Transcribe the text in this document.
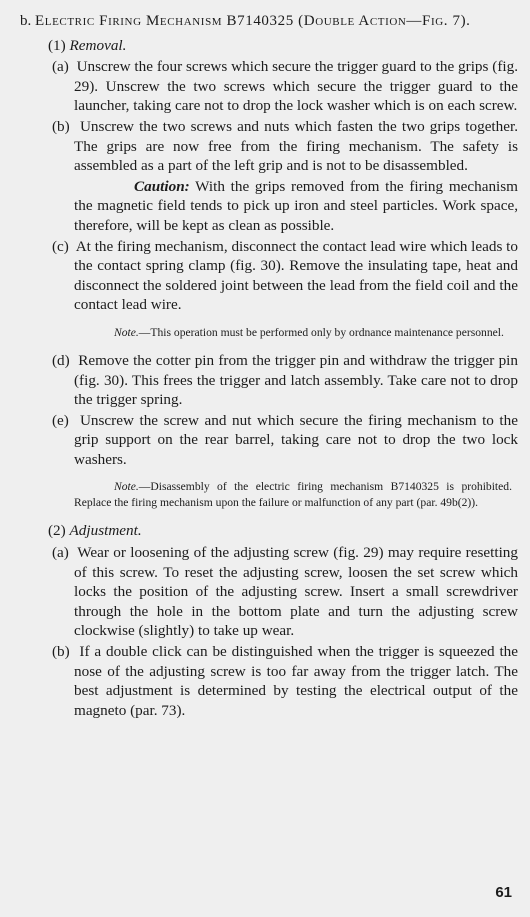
b. Electric Firing Mechanism B7140325 (Double Action—Fig. 7).

(1) Removal.

(a) Unscrew the four screws which secure the trigger guard to the grips (fig. 29). Unscrew the two screws which secure the trigger guard to the launcher, taking care not to drop the lock washer which is on each screw.

(b) Unscrew the two screws and nuts which fasten the two grips together. The grips are now free from the firing mechanism. The safety is assembled as a part of the left grip and is not to be disassembled.

Caution: With the grips removed from the firing mechanism the magnetic field tends to pick up iron and steel particles. Work space, therefore, will be kept as clean as possible.

(c) At the firing mechanism, disconnect the contact lead wire which leads to the contact spring clamp (fig. 30). Remove the insulating tape, heat and disconnect the soldered joint between the lead from the field coil and the contact lead wire.

Note.—This operation must be performed only by ordnance maintenance personnel.

(d) Remove the cotter pin from the trigger pin and withdraw the trigger pin (fig. 30). This frees the trigger and latch assembly. Take care not to drop the trigger spring.

(e) Unscrew the screw and nut which secure the firing mechanism to the grip support on the rear barrel, taking care not to drop the two lock washers.

Note.—Disassembly of the electric firing mechanism B7140325 is prohibited. Replace the firing mechanism upon the failure or malfunction of any part (par. 49b(2)).

(2) Adjustment.

(a) Wear or loosening of the adjusting screw (fig. 29) may require resetting of this screw. To reset the adjusting screw, loosen the set screw which locks the position of the adjusting screw. Insert a small screwdriver through the hole in the bottom plate and turn the adjusting screw clockwise (slightly) to take up wear.

(b) If a double click can be distinguished when the trigger is squeezed the nose of the adjusting screw is too far away from the trigger latch. The best adjustment is determined by testing the electrical output of the magneto (par. 73).

61
